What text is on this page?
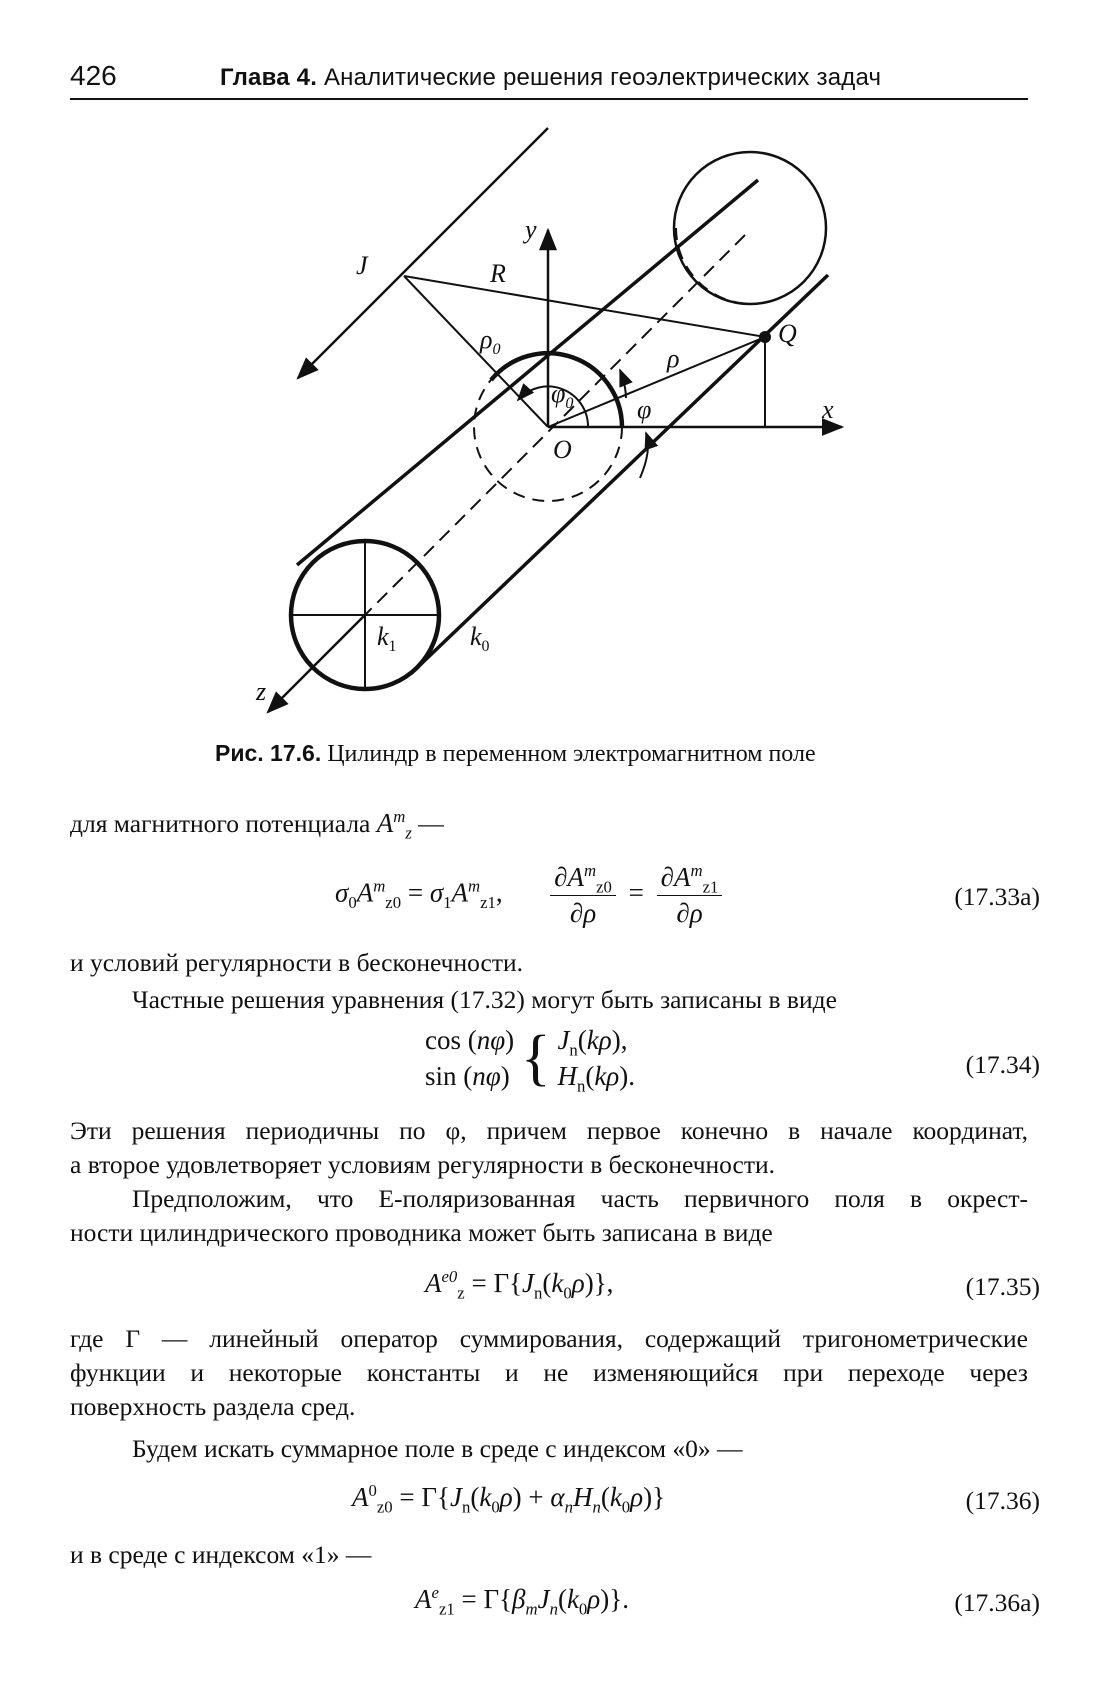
426	Глава 4. Аналитические решения геоэлектрических задач
J	R
y
$\rho_0$
Q
ρ
$\varphi_0$ φ
O
x
$k_1$	$k_0$
z
Рис. 17.6. Цилиндр в переменном электромагнитном поле
для магнитного потенциала $A^m_z$ —
$\sigma_0A^m_{z0} = \sigma_1A^m_{z1}$, $\frac{\partial A^m_{z0}}{\partial\rho} = \frac{\partial A^m_{z1}}{\partial\rho}$	(17.33а)
и условий регулярности в бесконечности.
Частные решения уравнения (17.32) могут быть записаны в виде
cos (nφ)
sin (nφ) { $J_n(k\rho)$,
$H_n(k\rho)$.	(17.34)
Эти решения периодичны по φ, причем первое конечно в начале координат,
а второе удовлетворяет условиям регулярности в бесконечности.
Предположим, что E-поляризованная часть первичного поля в окрест-
ности цилиндрического проводника может быть записана в виде
$A^{e0}_z = \Gamma\{J_n(k_0\rho)\}$,	(17.35)
где Г — линейный оператор суммирования, содержащий тригонометрические
функции и некоторые константы и не изменяющийся при переходе через
поверхность раздела сред.
Будем искать суммарное поле в среде с индексом «0» —
$A^0_{z0} = \Gamma\{J_n(k_0\rho) + \alpha_nH_n(k_0\rho)\}$	(17.36)
и в среде с индексом «1» —
$A^e_{z1} = \Gamma\{\beta_mJ_n(k_0\rho)\}$.	(17.36а)
